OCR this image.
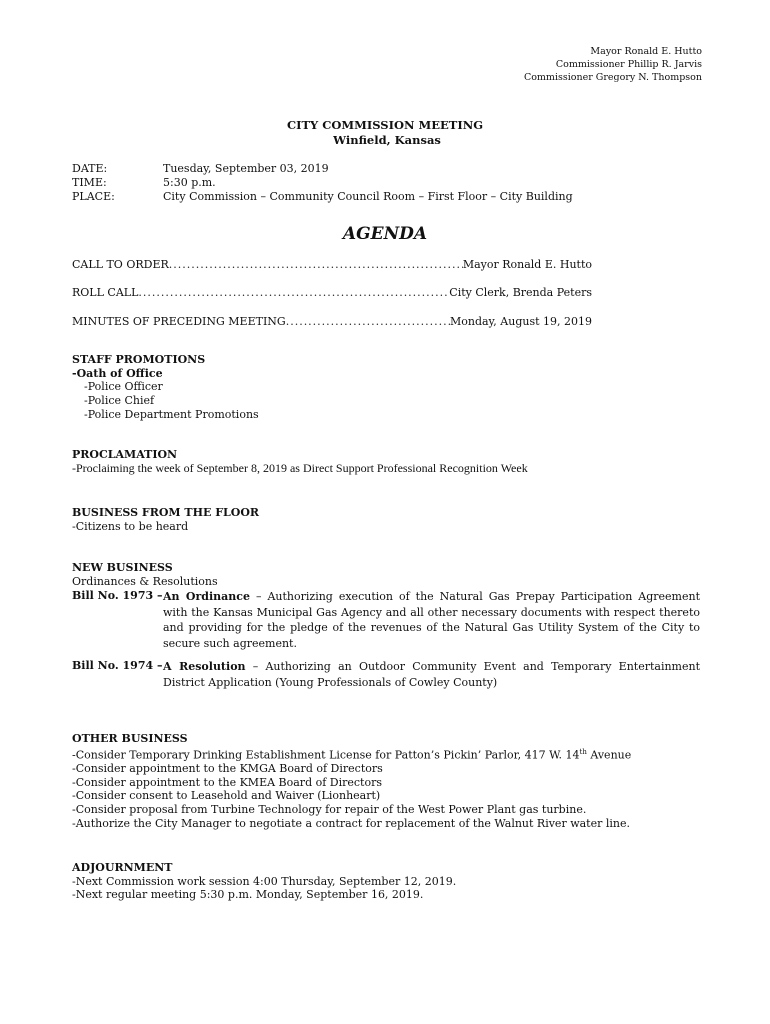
Mayor Ronald E. Hutto
Commissioner Phillip R. Jarvis
Commissioner Gregory N. Thompson
CITY COMMISSION MEETING
Winfield, Kansas
DATE:	Tuesday, September 03, 2019
TIME:	5:30 p.m.
PLACE:	City Commission – Community Council Room – First Floor – City Building
AGENDA
CALL TO ORDER .....	Mayor Ronald E. Hutto
ROLL CALL .....	City Clerk, Brenda Peters
MINUTES OF PRECEDING MEETING .....	Monday, August 19, 2019
STAFF PROMOTIONS
-Oath of Office
-Police Officer
-Police Chief
-Police Department Promotions
PROCLAMATION
-Proclaiming the week of September 8, 2019 as Direct Support Professional Recognition Week
BUSINESS FROM THE FLOOR
-Citizens to be heard
NEW BUSINESS
Ordinances & Resolutions
Bill No. 1973 – An Ordinance – Authorizing execution of the Natural Gas Prepay Participation Agreement with the Kansas Municipal Gas Agency and all other necessary documents with respect thereto and providing for the pledge of the revenues of the Natural Gas Utility System of the City to secure such agreement.
Bill No. 1974 – A Resolution – Authorizing an Outdoor Community Event and Temporary Entertainment District Application (Young Professionals of Cowley County)
OTHER BUSINESS
-Consider Temporary Drinking Establishment License for Patton’s Pickin’ Parlor, 417 W. 14th Avenue
-Consider appointment to the KMGA Board of Directors
-Consider appointment to the KMEA Board of Directors
-Consider consent to Leasehold and Waiver (Lionheart)
-Consider proposal from Turbine Technology for repair of the West Power Plant gas turbine.
-Authorize the City Manager to negotiate a contract for replacement of the Walnut River water line.
ADJOURNMENT
-Next Commission work session 4:00 Thursday, September 12, 2019.
-Next regular meeting 5:30 p.m. Monday, September 16, 2019.
